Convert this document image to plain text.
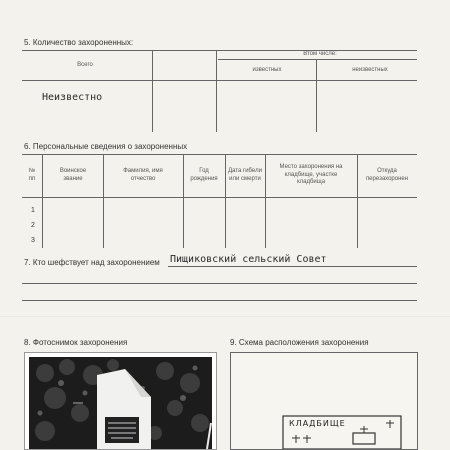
5. Количество захороненных:
Всего
Втом числе:
известных	неизвестных
Неизвестно
6. Персональные сведения о захороненных
№
пп
Воинское
звание
Фамилия, имя
отчество
Год
рождения
Дата гибели
или смерти
Место захоронения на
кладбище, участке
кладбища
Откуда
перезахоронен
1
2
3
7. Кто шефствует над захоронением Пищиковский сельский Совет
8. Фотоснимок захоронения	9. Схема расположения захоронения
КЛАДБИЩЕ
